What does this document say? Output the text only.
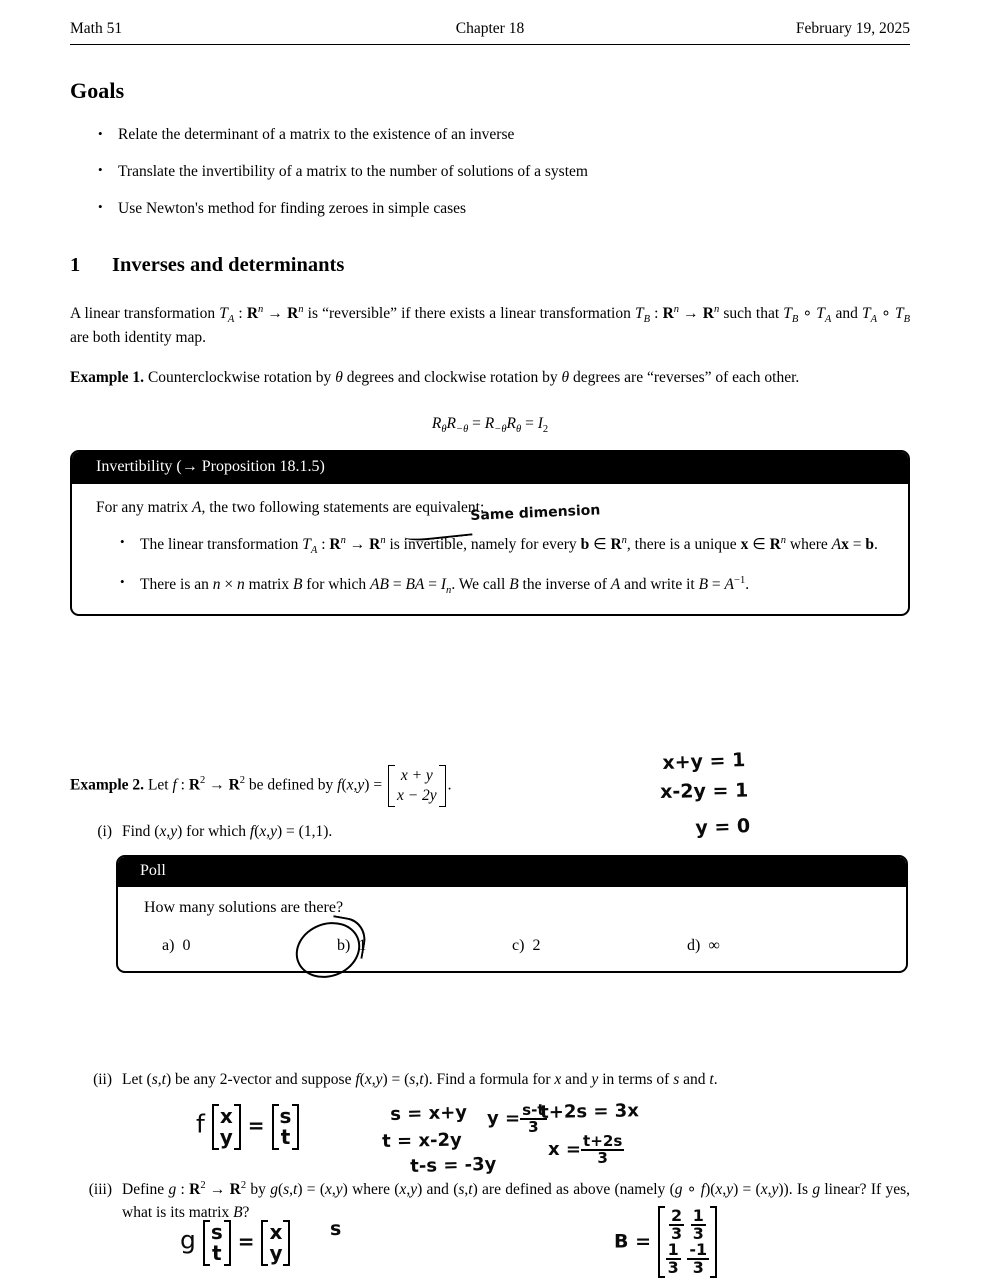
Math 51	Chapter 18	February 19, 2025
Goals
• Relate the determinant of a matrix to the existence of an inverse
• Translate the invertibility of a matrix to the number of solutions of a system
• Use Newton's method for finding zeroes in simple cases
1 Inverses and determinants
A linear transformation $T_A$ : $R^n \to R^n$ is “reversible” if there exists a linear transformation $T_B$ : $R^n \to R^n$ such that $T_B$ ∘ $T_A$ and $T_A$ ∘ $T_B$ are both identity map.
Example 1. Counterclockwise rotation by θ degrees and clockwise rotation by θ degrees are “reverses” of each other.
$R_\theta R_{-\theta} = R_{-\theta}R_\theta = I_2$
Invertibility (→ Proposition 18.1.5)
For any matrix A, the two following statements are equivalent:
• The linear transformation $T_A$ : $R^n \to R^n$ is invertible, namely for every b ∈ $R^n$, there is a unique x ∈ $R^n$ where Ax = b.
• There is an n × n matrix B for which AB = BA = $I_n$. We call B the inverse of A and write it $B = A^{-1}$.
Same dimension
Example 2. Let f : $R^2 \to R^2$ be defined by f(x,y) =
x + y
x − 2y
.
(i) Find (x,y) for which f(x,y) = (1,1).
x+y = 1
x-2y = 1
y = 0
Poll
How many solutions are there?
a) 0	b) 1	c) 2	d) ∞
(ii) Let (s,t) be any 2-vector and suppose f(x,y) = (s,t). Find a formula for x and y in terms of s and t.
f x
y = s
t
s = x+y
t = x-2y
t-s = -3y
$y = \frac{s-t}{3}$
t+2s = 3x
$x = \frac{t+2s}{3}$
(iii) Define g : $R^2 \to R^2$ by g(s,t) = (x,y) where (x,y) and (s,t) are defined as above (namely (g ∘ f)(x,y) = (x,y)). Is g linear? If yes, what is its matrix B?
g s
t = x
y
s
$B = \frac{2}{3}$
$\frac{1}{3}$
$\frac{1}{3}$
$\frac{-1}{3}$
